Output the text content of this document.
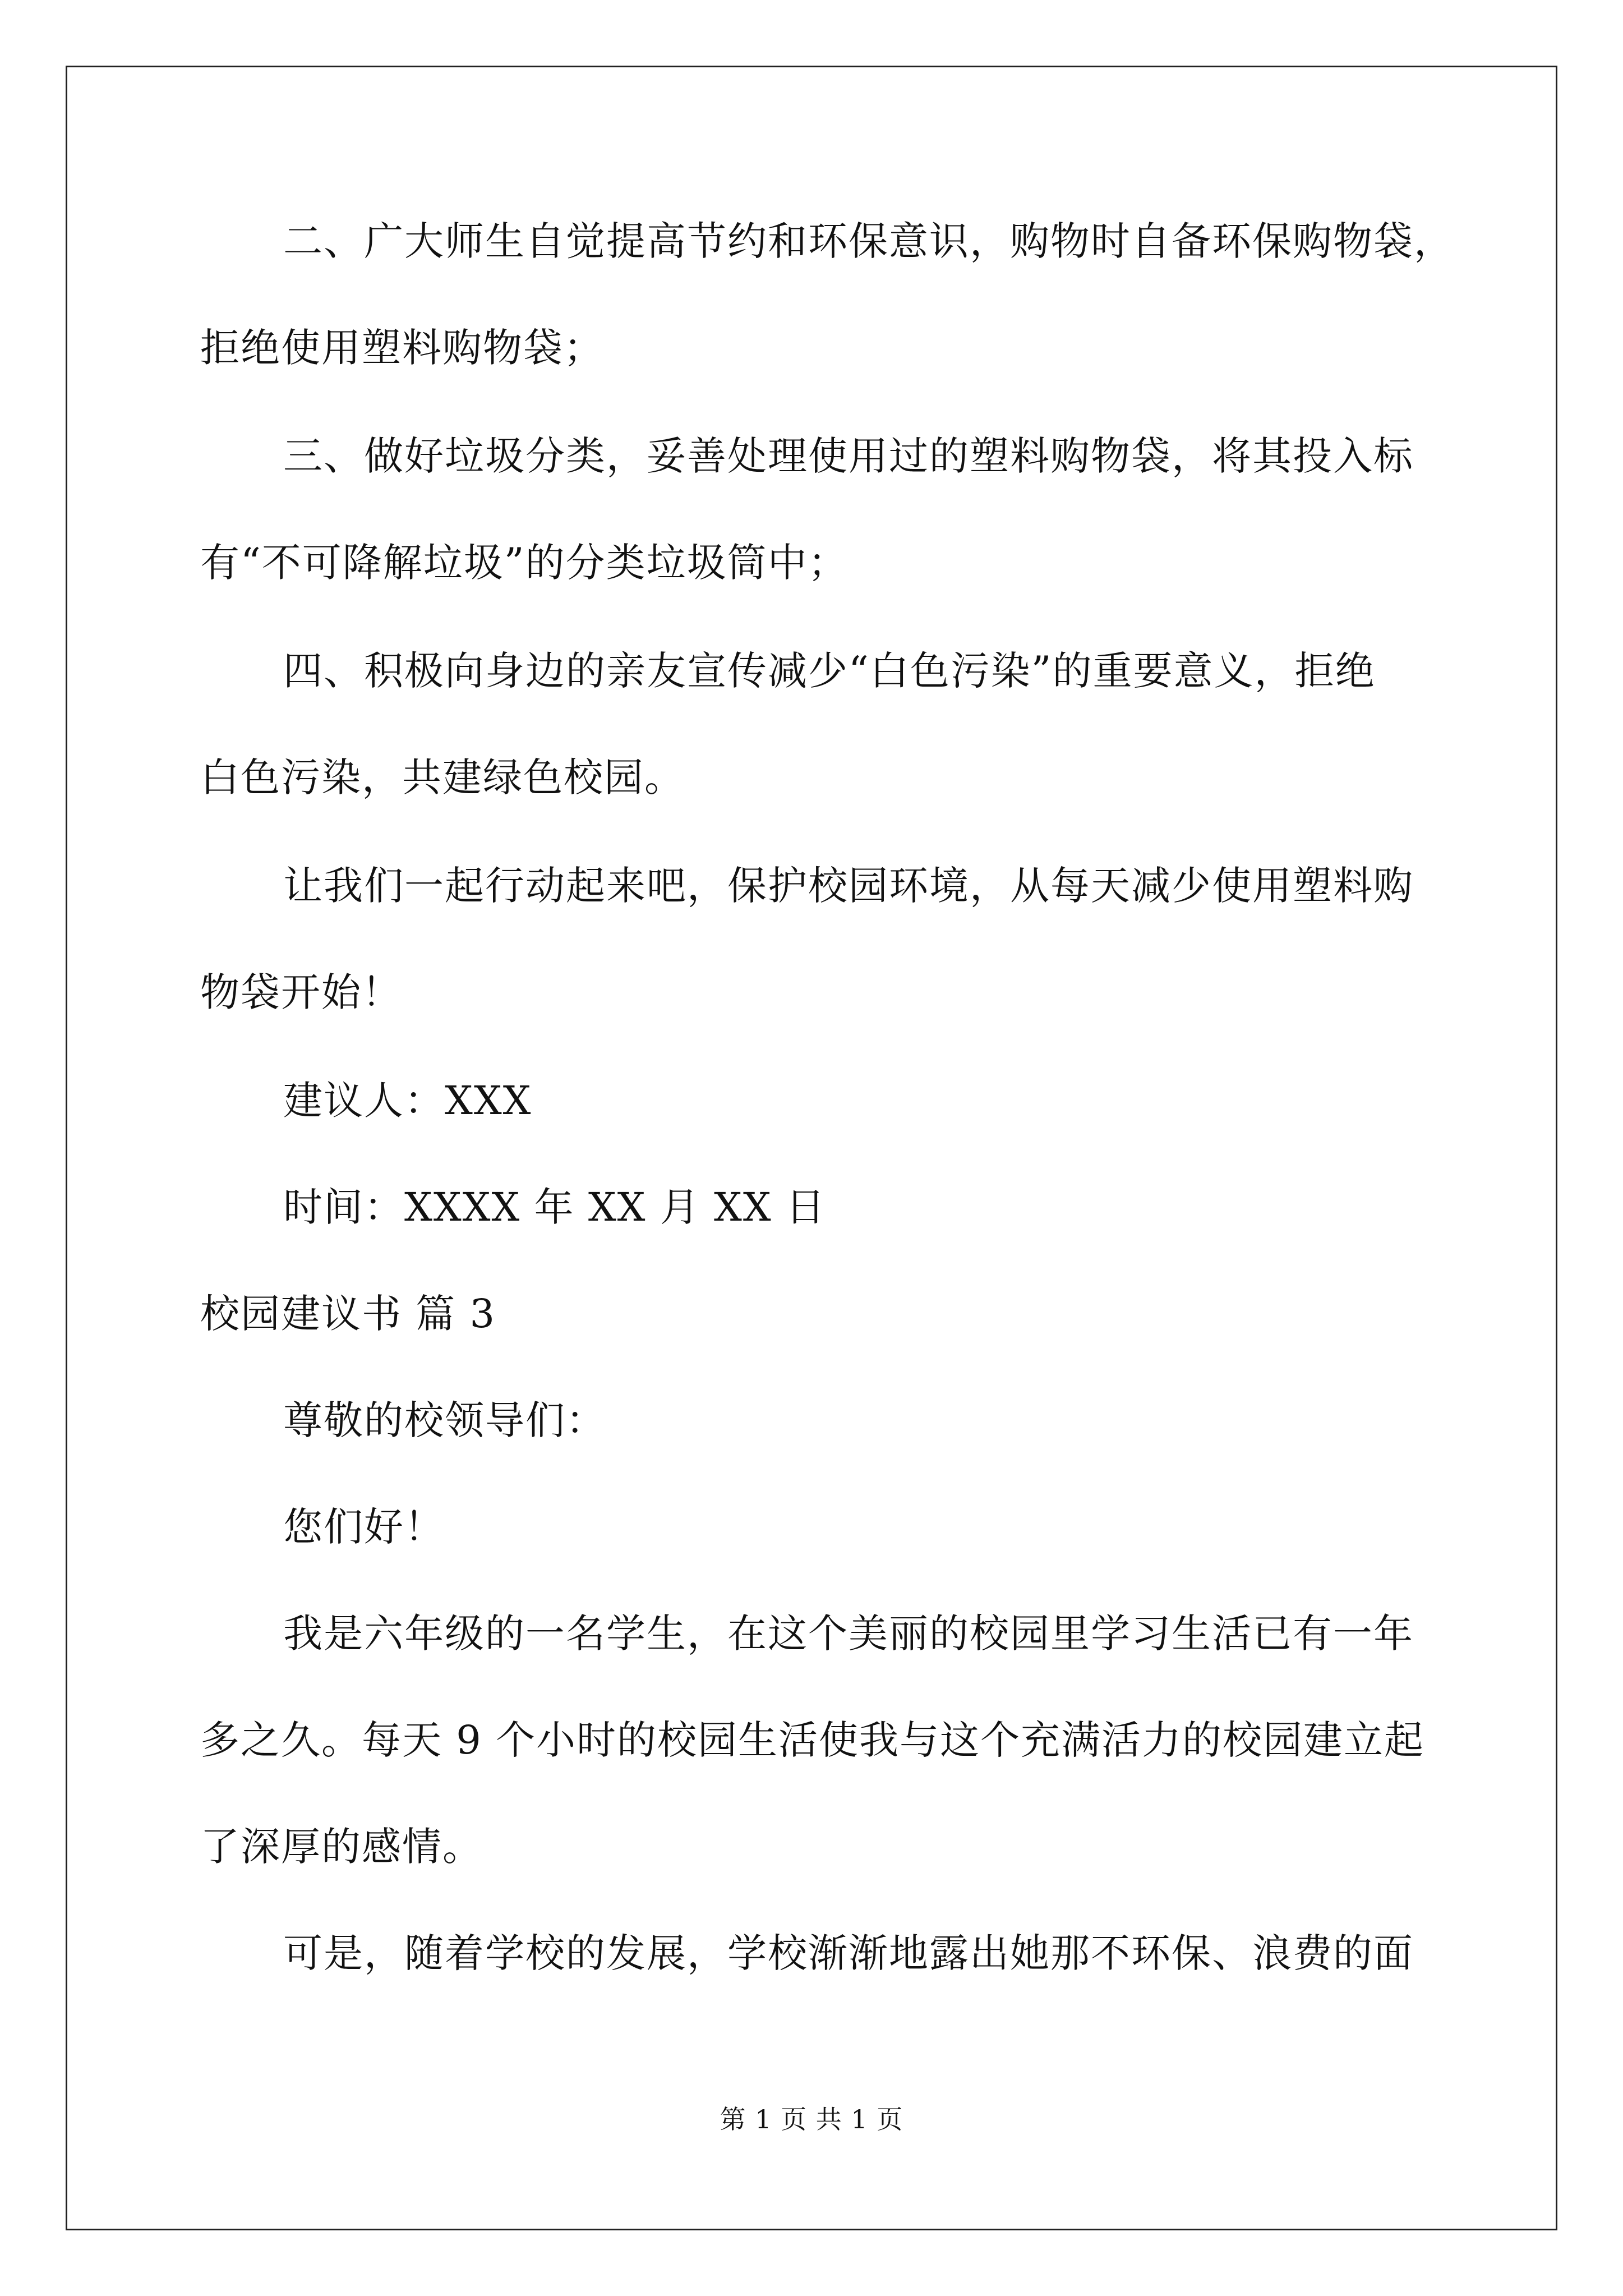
二、广大师生自觉提高节约和环保意识，购物时自备环保购物袋，
拒绝使用塑料购物袋；
三、做好垃圾分类，妥善处理使用过的塑料购物袋，将其投入标
有“不可降解垃圾”的分类垃圾筒中；
四、积极向身边的亲友宣传减少“白色污染”的重要意义，拒绝
白色污染，共建绿色校园。
让我们一起行动起来吧，保护校园环境，从每天减少使用塑料购
物袋开始！
建议人：XXX
时间：XXXX 年 XX 月 XX 日
校园建议书 篇 3
尊敬的校领导们：
您们好！
我是六年级的一名学生，在这个美丽的校园里学习生活已有一年
多之久。每天 9 个小时的校园生活使我与这个充满活力的校园建立起
了深厚的感情。
可是，随着学校的发展，学校渐渐地露出她那不环保、浪费的面
第 1 页 共 1 页
